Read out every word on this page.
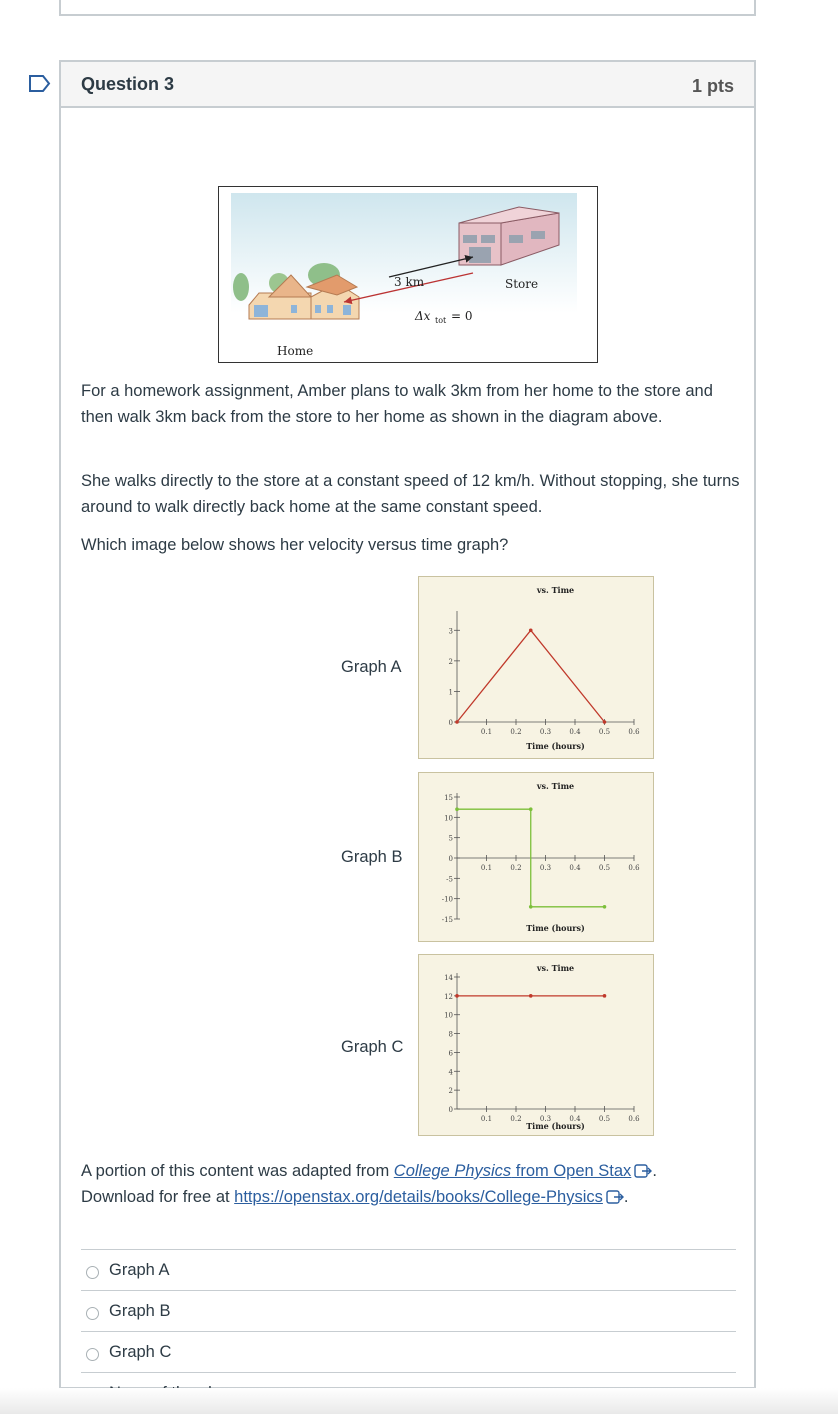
Question 3	1 pts
3 km	Store
Δx tot = 0
Home

For a homework assignment, Amber plans to walk 3km from her home to the store and then walk 3km back from the store to her home as shown in the diagram above.

She walks directly to the store at a constant speed of 12 km/h. Without stopping, she turns around to walk directly back home at the same constant speed.

Which image below shows her velocity versus time graph?

Graph A
Graph B
Graph C
vs. Time
0
1
2
3
0.1	0.2	0.3	0.4	0.5	0.6
Time (hours)
vs. Time
15
10
5
0
-5
-10
-15
0.1	0.2	0.3	0.4	0.5	0.6
Time (hours)
vs. Time
14
12
10
8
6
4
2
0
0.1	0.2	0.3	0.4	0.5	0.6
Time (hours)
A portion of this content was adapted from College Physics from Open Stax .
Download for free at https://openstax.org/details/books/College-Physics .
Graph A
Graph B
Graph C
